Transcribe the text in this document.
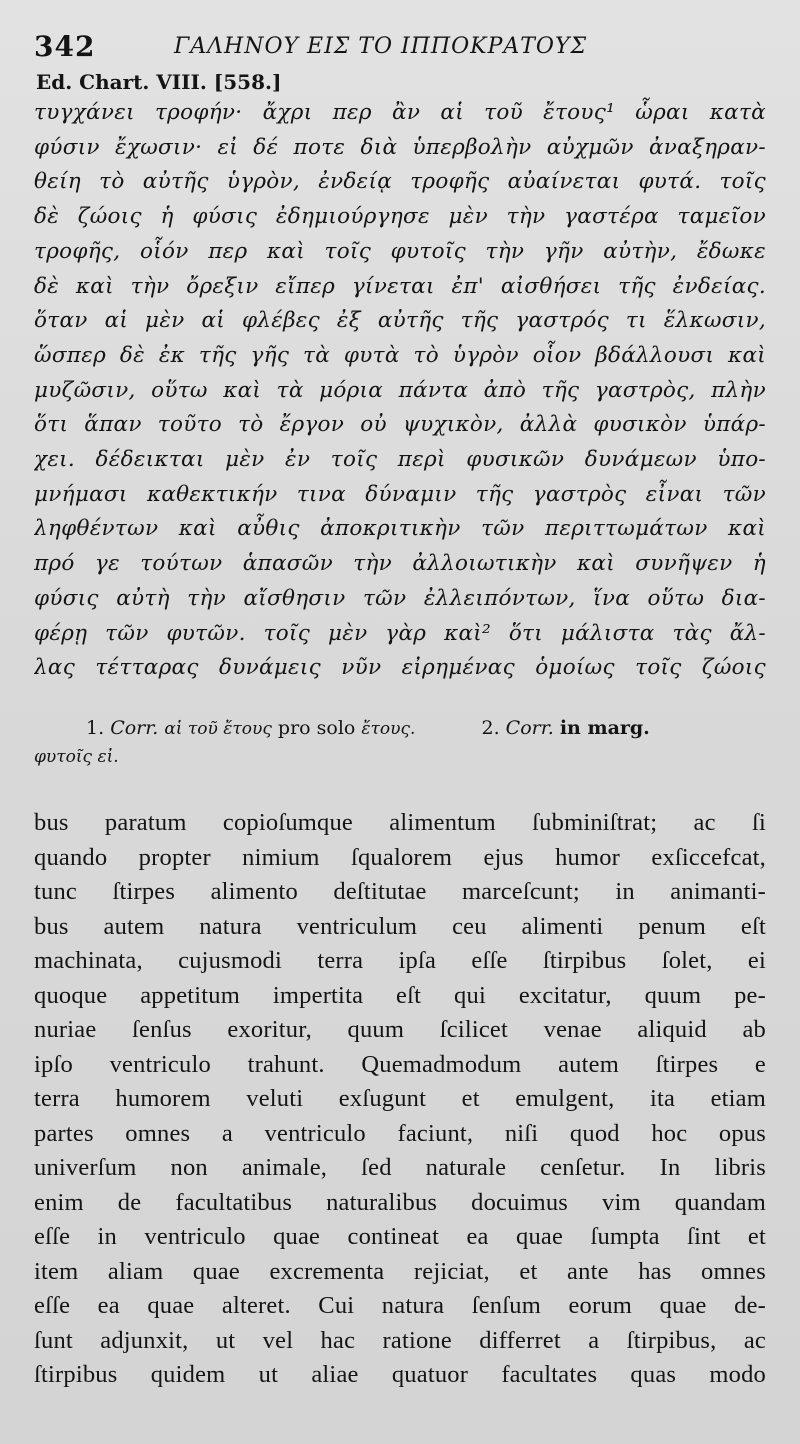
342	ΓΑΛΗΝΟΥ ΕΙΣ ΤΟ ΙΠΠΟΚΡΑΤΟΥΣ
Ed. Chart. VIII. [558.]
τυγχάνει τροφήν· ἄχρι περ ἂν αἱ τοῦ ἔτους¹ ὧραι κατὰ
φύσιν ἔχωσιν· εἰ δέ ποτε διὰ ὑπερβολὴν αὐχμῶν ἀναξηραν-
θείη τὸ αὐτῆς ὑγρὸν, ἐνδείᾳ τροφῆς αὐαίνεται φυτά. τοῖς
δὲ ζώοις ἡ φύσις ἐδημιούργησε μὲν τὴν γαστέρα ταμεῖον
τροφῆς, οἷόν περ καὶ τοῖς φυτοῖς τὴν γῆν αὐτὴν, ἔδωκε
δὲ καὶ τὴν ὄρεξιν εἴπερ γίνεται ἐπ' αἰσθήσει τῆς ἐνδείας.
ὅταν αἱ μὲν αἱ φλέβες ἐξ αὐτῆς τῆς γαστρός τι ἕλκωσιν,
ὥσπερ δὲ ἐκ τῆς γῆς τὰ φυτὰ τὸ ὑγρὸν οἷον βδάλλουσι καὶ
μυζῶσιν, οὕτω καὶ τὰ μόρια πάντα ἀπὸ τῆς γαστρὸς, πλὴν
ὅτι ἅπαν τοῦτο τὸ ἔργον οὐ ψυχικὸν, ἀλλὰ φυσικὸν ὑπάρ-
χει. δέδεικται μὲν ἐν τοῖς περὶ φυσικῶν δυνάμεων ὑπο-
μνήμασι καθεκτικήν τινα δύναμιν τῆς γαστρὸς εἶναι τῶν
ληφθέντων καὶ αὖθις ἀποκριτικὴν τῶν περιττωμάτων καὶ
πρό γε τούτων ἁπασῶν τὴν ἀλλοιωτικὴν καὶ συνῆψεν ἡ
φύσις αὐτὴ τὴν αἴσθησιν τῶν ἐλλειπόντων, ἵνα οὕτω δια-
φέρῃ τῶν φυτῶν. τοῖς μὲν γὰρ καὶ² ὅτι μάλιστα τὰς ἄλ-
λας τέτταρας δυνάμεις νῦν εἰρημένας ὁμοίως τοῖς ζώοις
1. Corr. αἱ τοῦ ἔτους pro solo ἔτους.	2. Corr. in marg.
φυτοῖς εἰ.
bus paratum copioſumque alimentum ſubminiſtrat; ac ſi
quando propter nimium ſqualorem ejus humor exſiccefcat,
tunc ſtirpes alimento deſtitutae marceſcunt; in animanti-
bus autem natura ventriculum ceu alimenti penum eſt
machinata, cujusmodi terra ipſa eſſe ſtirpibus ſolet, ei
quoque appetitum impertita eſt qui excitatur, quum pe-
nuriae ſenſus exoritur, quum ſcilicet venae aliquid ab
ipſo ventriculo trahunt. Quemadmodum autem ſtirpes e
terra humorem veluti exſugunt et emulgent, ita etiam
partes omnes a ventriculo faciunt, niſi quod hoc opus
univerſum non animale, ſed naturale cenſetur. In libris
enim de facultatibus naturalibus docuimus vim quandam
eſſe in ventriculo quae contineat ea quae ſumpta ſint et
item aliam quae excrementa rejiciat, et ante has omnes
eſſe ea quae alteret. Cui natura ſenſum eorum quae de-
ſunt adjunxit, ut vel hac ratione differret a ſtirpibus, ac
ſtirpibus quidem ut aliae quatuor facultates quas modo
